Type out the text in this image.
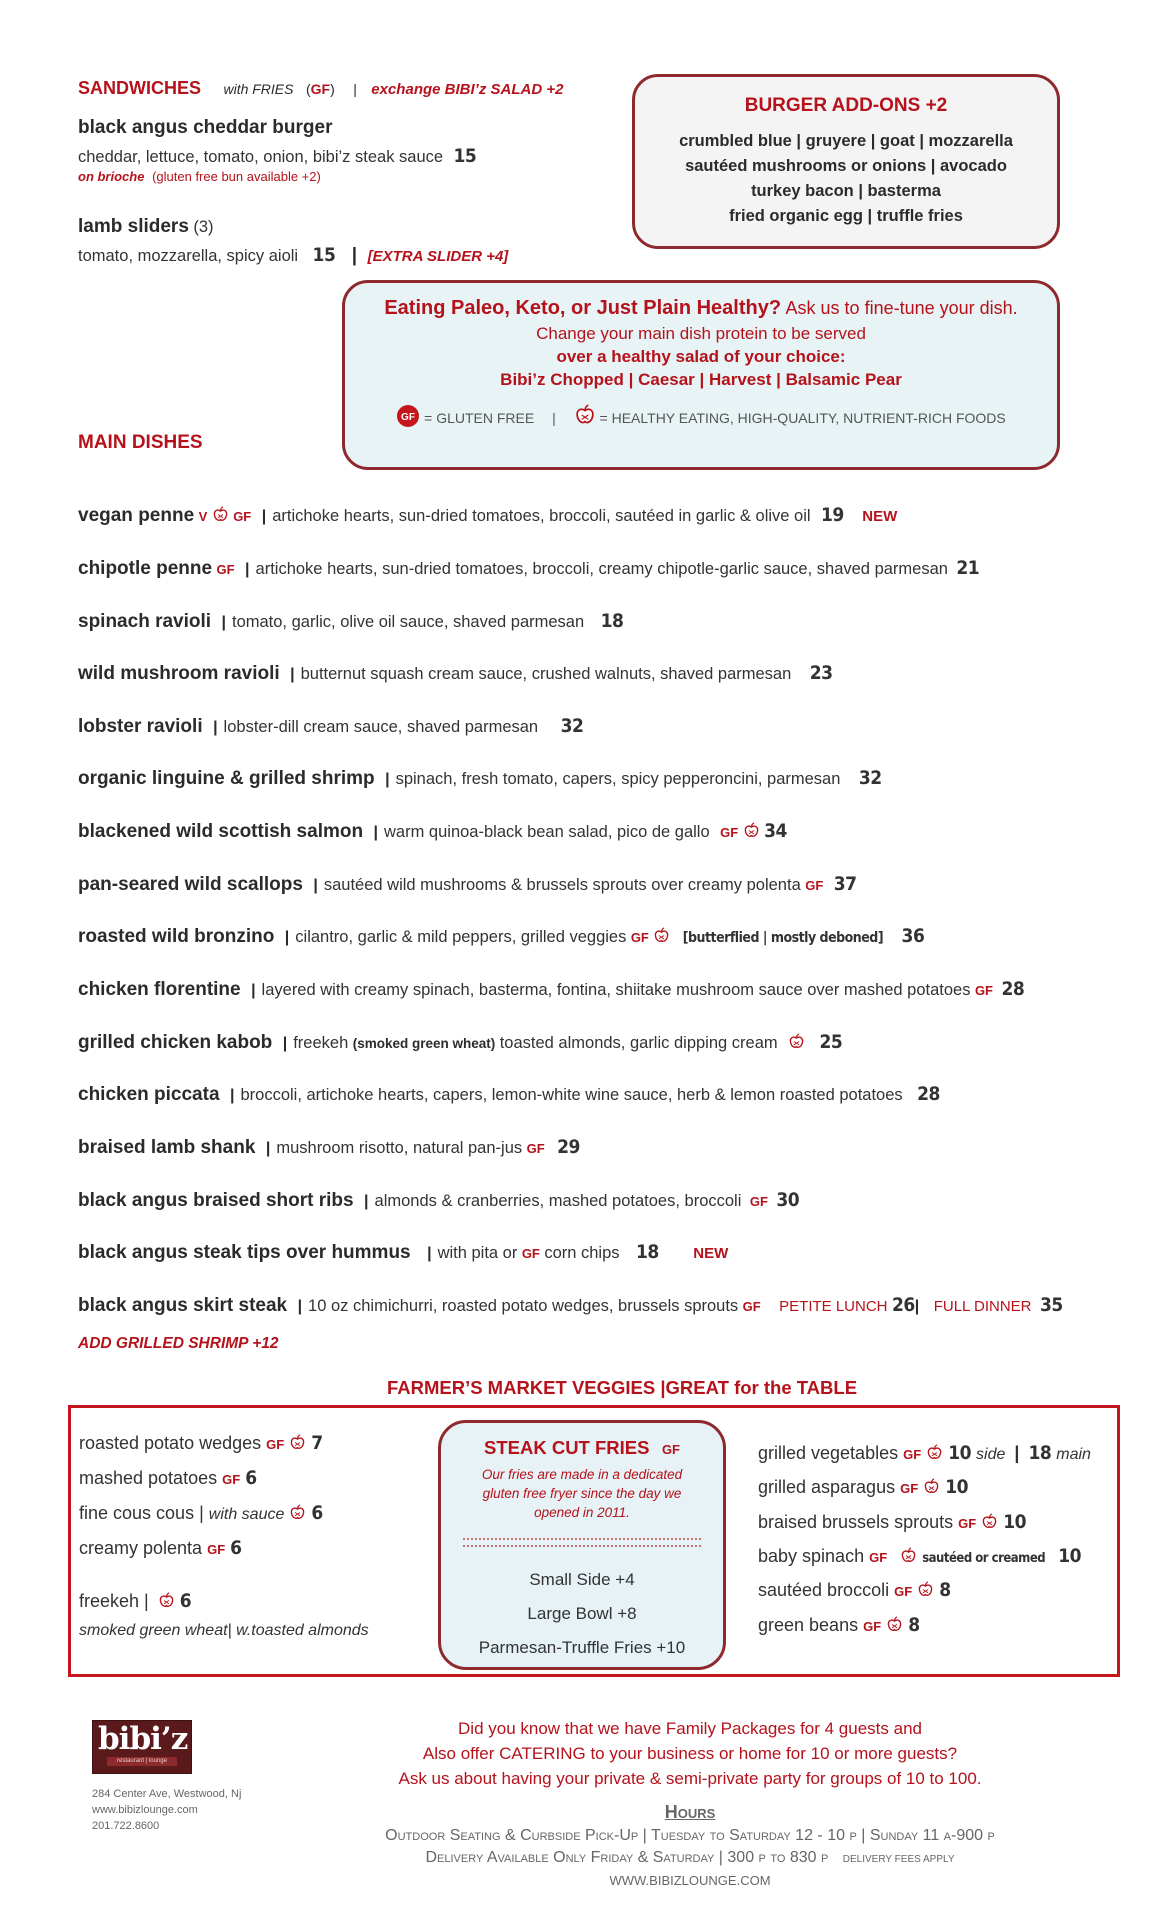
SANDWICHES with FRIES (GF) | exchange BIBI’z SALAD +2
black angus cheddar burger
cheddar, lettuce, tomato, onion, bibi’z steak sauce 15
on brioche (gluten free bun available +2)
lamb sliders (3)
tomato, mozzarella, spicy aioli 15 | [EXTRA SLIDER +4]
BURGER ADD-ONS +2
crumbled blue | gruyere | goat | mozzarella
sautéed mushrooms or onions | avocado
turkey bacon | basterma
fried organic egg | truffle fries
Eating Paleo, Keto, or Just Plain Healthy? Ask us to fine-tune your dish.
Change your main dish protein to be served
over a healthy salad of your choice:
Bibi’z Chopped | Caesar | Harvest | Balsamic Pear
= GLUTEN FREE |	= HEALTHY EATING, HIGH-QUALITY, NUTRIENT-RICH FOODS
MAIN DISHES
vegan penne V GF | artichoke hearts, sun-dried tomatoes, broccoli, sautéed in garlic & olive oil 19 NEW
chipotle penne GF | artichoke hearts, sun-dried tomatoes, broccoli, creamy chipotle-garlic sauce, shaved parmesan 21
spinach ravioli | tomato, garlic, olive oil sauce, shaved parmesan 18
wild mushroom ravioli | butternut squash cream sauce, crushed walnuts, shaved parmesan 23
lobster ravioli | lobster-dill cream sauce, shaved parmesan 32
organic linguine & grilled shrimp | spinach, fresh tomato, capers, spicy pepperoncini, parmesan 32
blackened wild scottish salmon | warm quinoa-black bean salad, pico de gallo GF 34
pan-seared wild scallops | sautéed wild mushrooms & brussels sprouts over creamy polenta GF 37
roasted wild bronzino | cilantro, garlic & mild peppers, grilled veggies GF [butterflied | mostly deboned] 36
chicken florentine | layered with creamy spinach, basterma, fontina, shiitake mushroom sauce over mashed potatoes GF 28
grilled chicken kabob | freekeh (smoked green wheat) toasted almonds, garlic dipping cream 25
chicken piccata | broccoli, artichoke hearts, capers, lemon-white wine sauce, herb & lemon roasted potatoes 28
braised lamb shank | mushroom risotto, natural pan-jus GF 29
black angus braised short ribs | almonds & cranberries, mashed potatoes, broccoli GF 30
black angus steak tips over hummus | with pita or GF corn chips 18 NEW
black angus skirt steak | 10 oz chimichurri, roasted potato wedges, brussels sprouts GF PETITE LUNCH 26| FULL DINNER 35
ADD GRILLED SHRIMP +12
FARMER’S MARKET VEGGIES |GREAT for the TABLE
roasted potato wedges GF 7
mashed potatoes GF 6
fine cous cous | with sauce 6
creamy polenta GF 6
freekeh | 6
smoked green wheat| w.toasted almonds
STEAK CUT FRIES GF
Our fries are made in a dedicated gluten free fryer since the day we opened in 2011.
Small Side +4
Large Bowl +8
Parmesan-Truffle Fries +10
grilled vegetables GF 10 side | 18 main
grilled asparagus GF 10
braised brussels sprouts GF 10
baby spinach GF	sautéed or creamed 10
sautéed broccoli GF 8
green beans GF 8
bibi’z
restaurant | lounge
284 Center Ave, Westwood, Nj
www.bibizlounge.com
201.722.8600
Did you know that we have Family Packages for 4 guests and
Also offer CATERING to your business or home for 10 or more guests?
Ask us about having your private & semi-private party for groups of 10 to 100.
Hours
Outdoor Seating & Curbside Pick-Up | Tuesday to Saturday 12 - 10 p | Sunday 11 a-900 p
Delivery Available Only Friday & Saturday | 300 p to 830 p DELIVERY FEES APPLY
WWW.BIBIZLOUNGE.COM
